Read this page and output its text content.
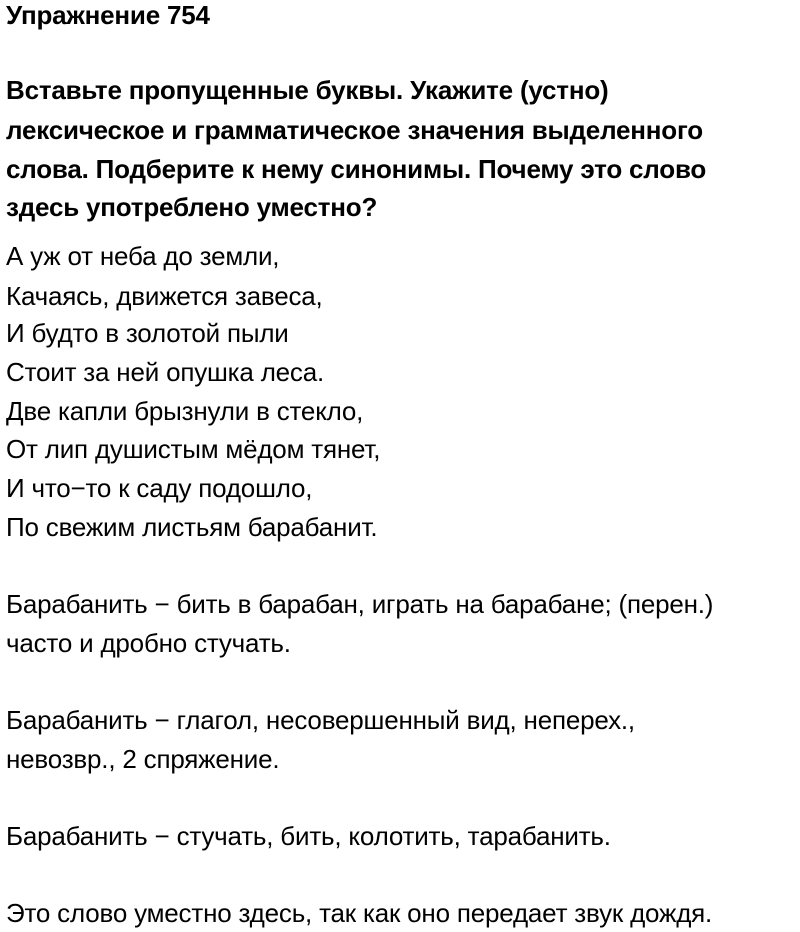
Упражнение 754
Вставьте пропущенные буквы. Укажите (устно)
лексическое и грамматическое значения выделенного
слова. Подберите к нему синонимы. Почему это слово
здесь употреблено уместно?
А уж от неба до земли,
Качаясь, движется завеса,
И будто в золотой пыли
Стоит за ней опушка леса.
Две капли брызнули в стекло,
От лип душистым мёдом тянет,
И что−то к саду подошло,
По свежим листьям барабанит.
Барабанить − бить в барабан, играть на барабане; (перен.)
часто и дробно стучать.
Барабанить − глагол, несовершенный вид, неперех.,
невозвр., 2 спряжение.
Барабанить − стучать, бить, колотить, тарабанить.
Это слово уместно здесь, так как оно передает звук дождя.
